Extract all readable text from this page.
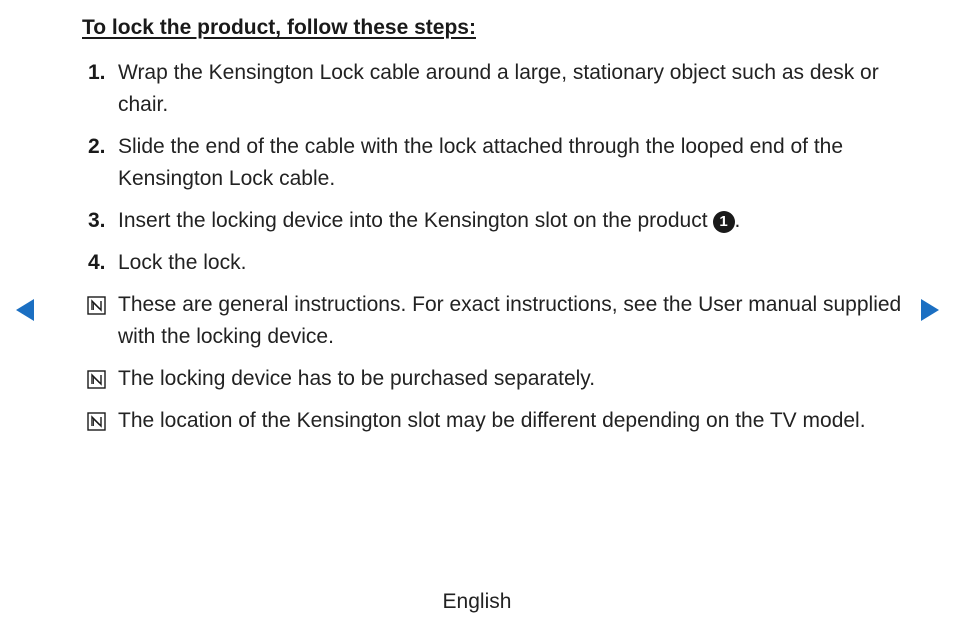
To lock the product, follow these steps:
1. Wrap the Kensington Lock cable around a large, stationary object such as desk or chair.
2. Slide the end of the cable with the lock attached through the looped end of the Kensington Lock cable.
3. Insert the locking device into the Kensington slot on the product 1 .
4. Lock the lock.
These are general instructions. For exact instructions, see the User manual supplied with the locking device.
The locking device has to be purchased separately.
The location of the Kensington slot may be different depending on the TV model.
English
